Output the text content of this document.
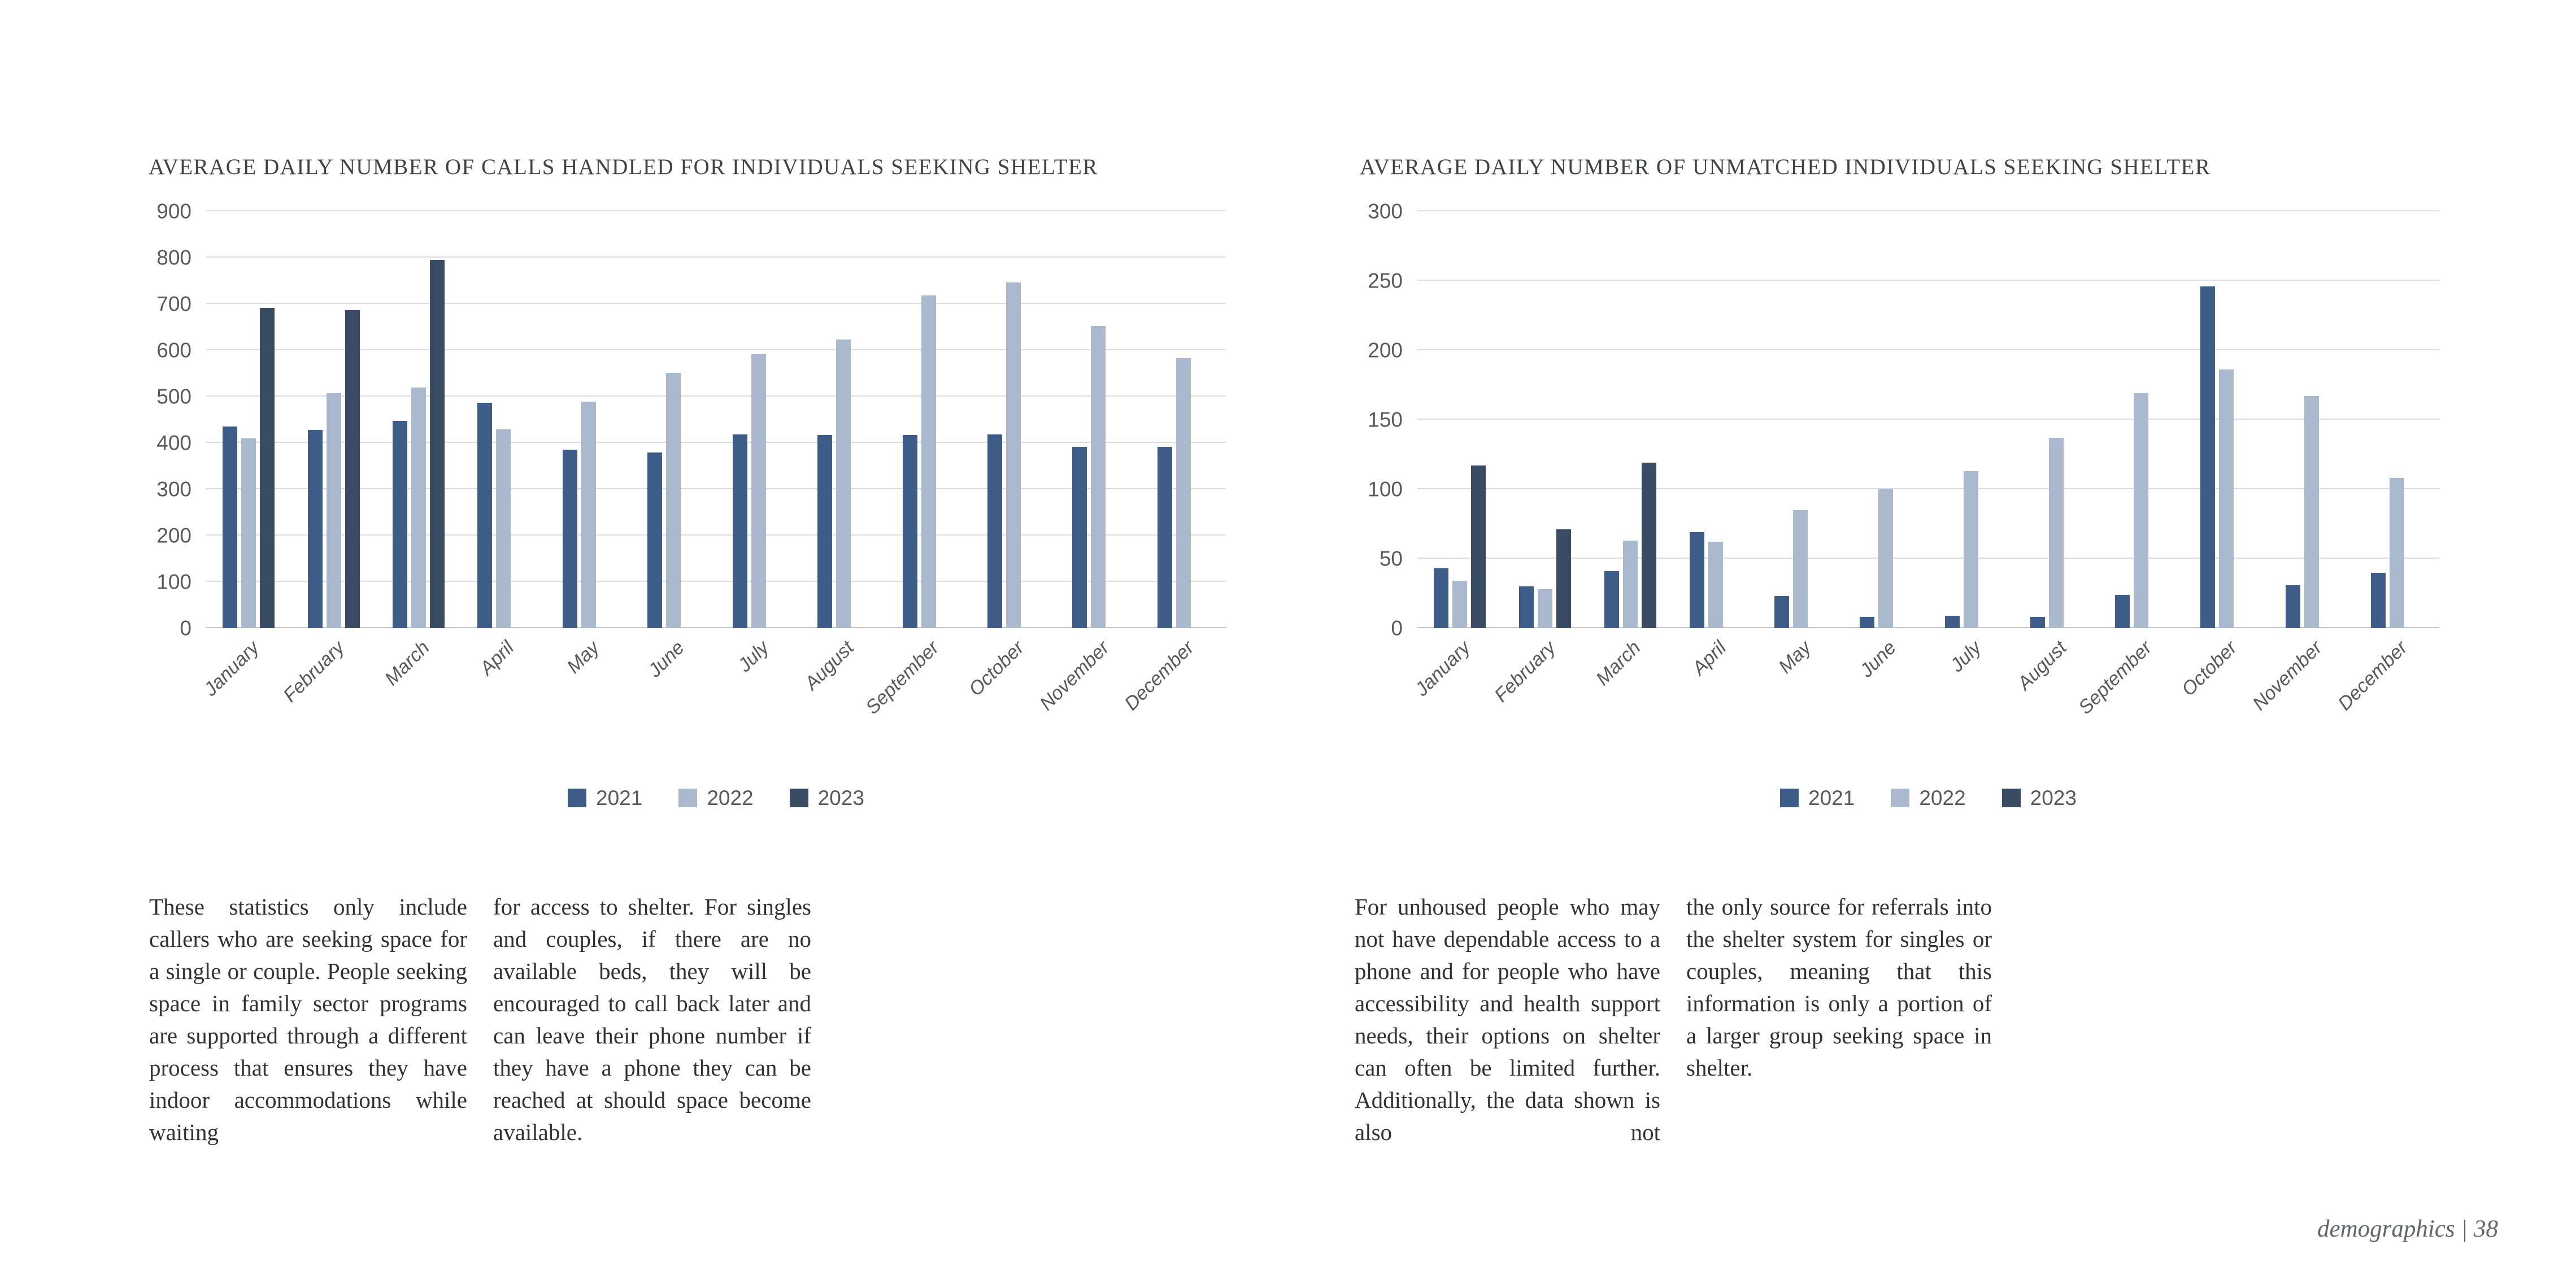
AVERAGE DAILY NUMBER OF CALLS HANDLED FOR INDIVIDUALS SEEKING SHELTER
0
100
200
300
400
500
600
700
800
900
January February March April May June July August September October November December
2021	2022	2023
AVERAGE DAILY NUMBER OF UNMATCHED INDIVIDUALS SEEKING SHELTER
0
50
100
150
200
250
300
January February March April May June July August September October November December
2021	2022	2023
These statistics only include callers who are seeking space for a single or couple. People seeking space in family sector programs are supported through a different process that ensures they have indoor accommodations while waiting
for access to shelter. For singles and couples, if there are no available beds, they will be encouraged to call back later and can leave their phone number if they have a phone they can be reached at should space become available.
For unhoused people who may not have dependable access to a phone and for people who have accessibility and health support needs, their options on shelter can often be limited further. Additionally, the data shown is also not
the only source for referrals into the shelter system for singles or couples, meaning that this information is only a portion of a larger group seeking space in shelter.
demographics | 38
